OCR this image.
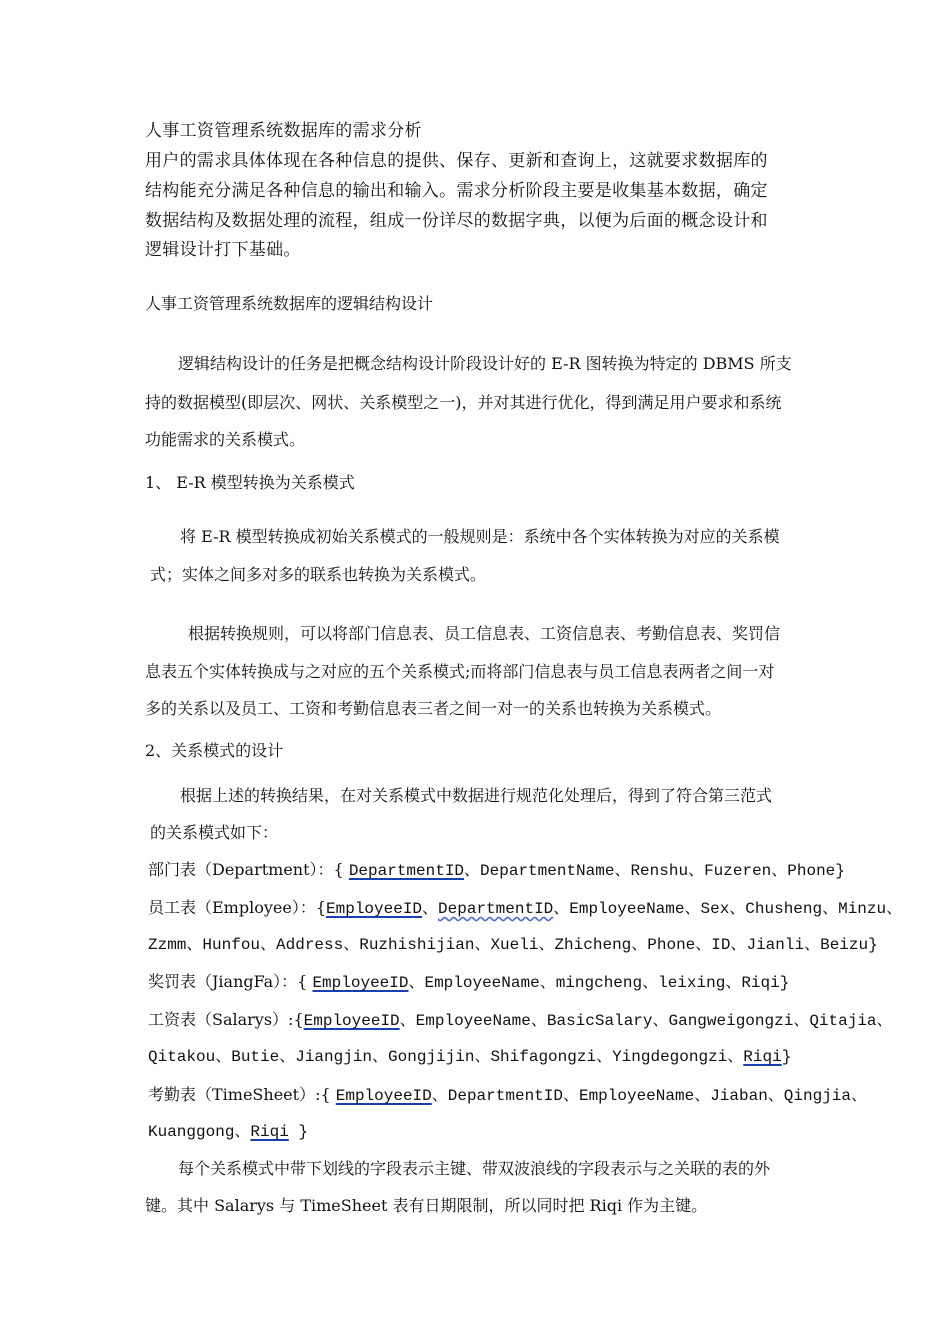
人事工资管理系统数据库的需求分析
用户的需求具体体现在各种信息的提供、保存、更新和查询上，这就要求数据库的
结构能充分满足各种信息的输出和输入。需求分析阶段主要是收集基本数据，确定
数据结构及数据处理的流程，组成一份详尽的数据字典，以便为后面的概念设计和
逻辑设计打下基础。
人事工资管理系统数据库的逻辑结构设计
逻辑结构设计的任务是把概念结构设计阶段设计好的 E-R 图转换为特定的 DBMS 所支
持的数据模型(即层次、网状、关系模型之一)，并对其进行优化，得到满足用户要求和系统
功能需求的关系模式。
1、 E-R 模型转换为关系模式
将 E-R 模型转换成初始关系模式的一般规则是：系统中各个实体转换为对应的关系模
式；实体之间多对多的联系也转换为关系模式。
根据转换规则，可以将部门信息表、员工信息表、工资信息表、考勤信息表、奖罚信
息表五个实体转换成与之对应的五个关系模式;而将部门信息表与员工信息表两者之间一对
多的关系以及员工、工资和考勤信息表三者之间一对一的关系也转换为关系模式。
2、关系模式的设计
根据上述的转换结果，在对关系模式中数据进行规范化处理后，得到了符合第三范式
的关系模式如下：
部门表（Department）：{ DepartmentID、DepartmentName、Renshu、Fuzeren、Phone}
员工表（Employee）：{EmployeeID、DepartmentID、EmployeeName、Sex、Chusheng、Minzu、
Zzmm、Hunfou、Address、Ruzhishijian、Xueli、Zhicheng、Phone、ID、Jianli、Beizu}
奖罚表（JiangFa）：{ EmployeeID、EmployeeName、mingcheng、leixing、Riqi}
工资表（Salarys）:{EmployeeID、EmployeeName、BasicSalary、Gangweigongzi、Qitajia、
Qitakou、Butie、Jiangjin、Gongjijin、Shifagongzi、Yingdegongzi、Riqi}
考勤表（TimeSheet）:{ EmployeeID、DepartmentID、EmployeeName、Jiaban、Qingjia、
Kuanggong、Riqi }
每个关系模式中带下划线的字段表示主键、带双波浪线的字段表示与之关联的表的外
键。其中 Salarys 与 TimeSheet 表有日期限制，所以同时把 Riqi 作为主键。
